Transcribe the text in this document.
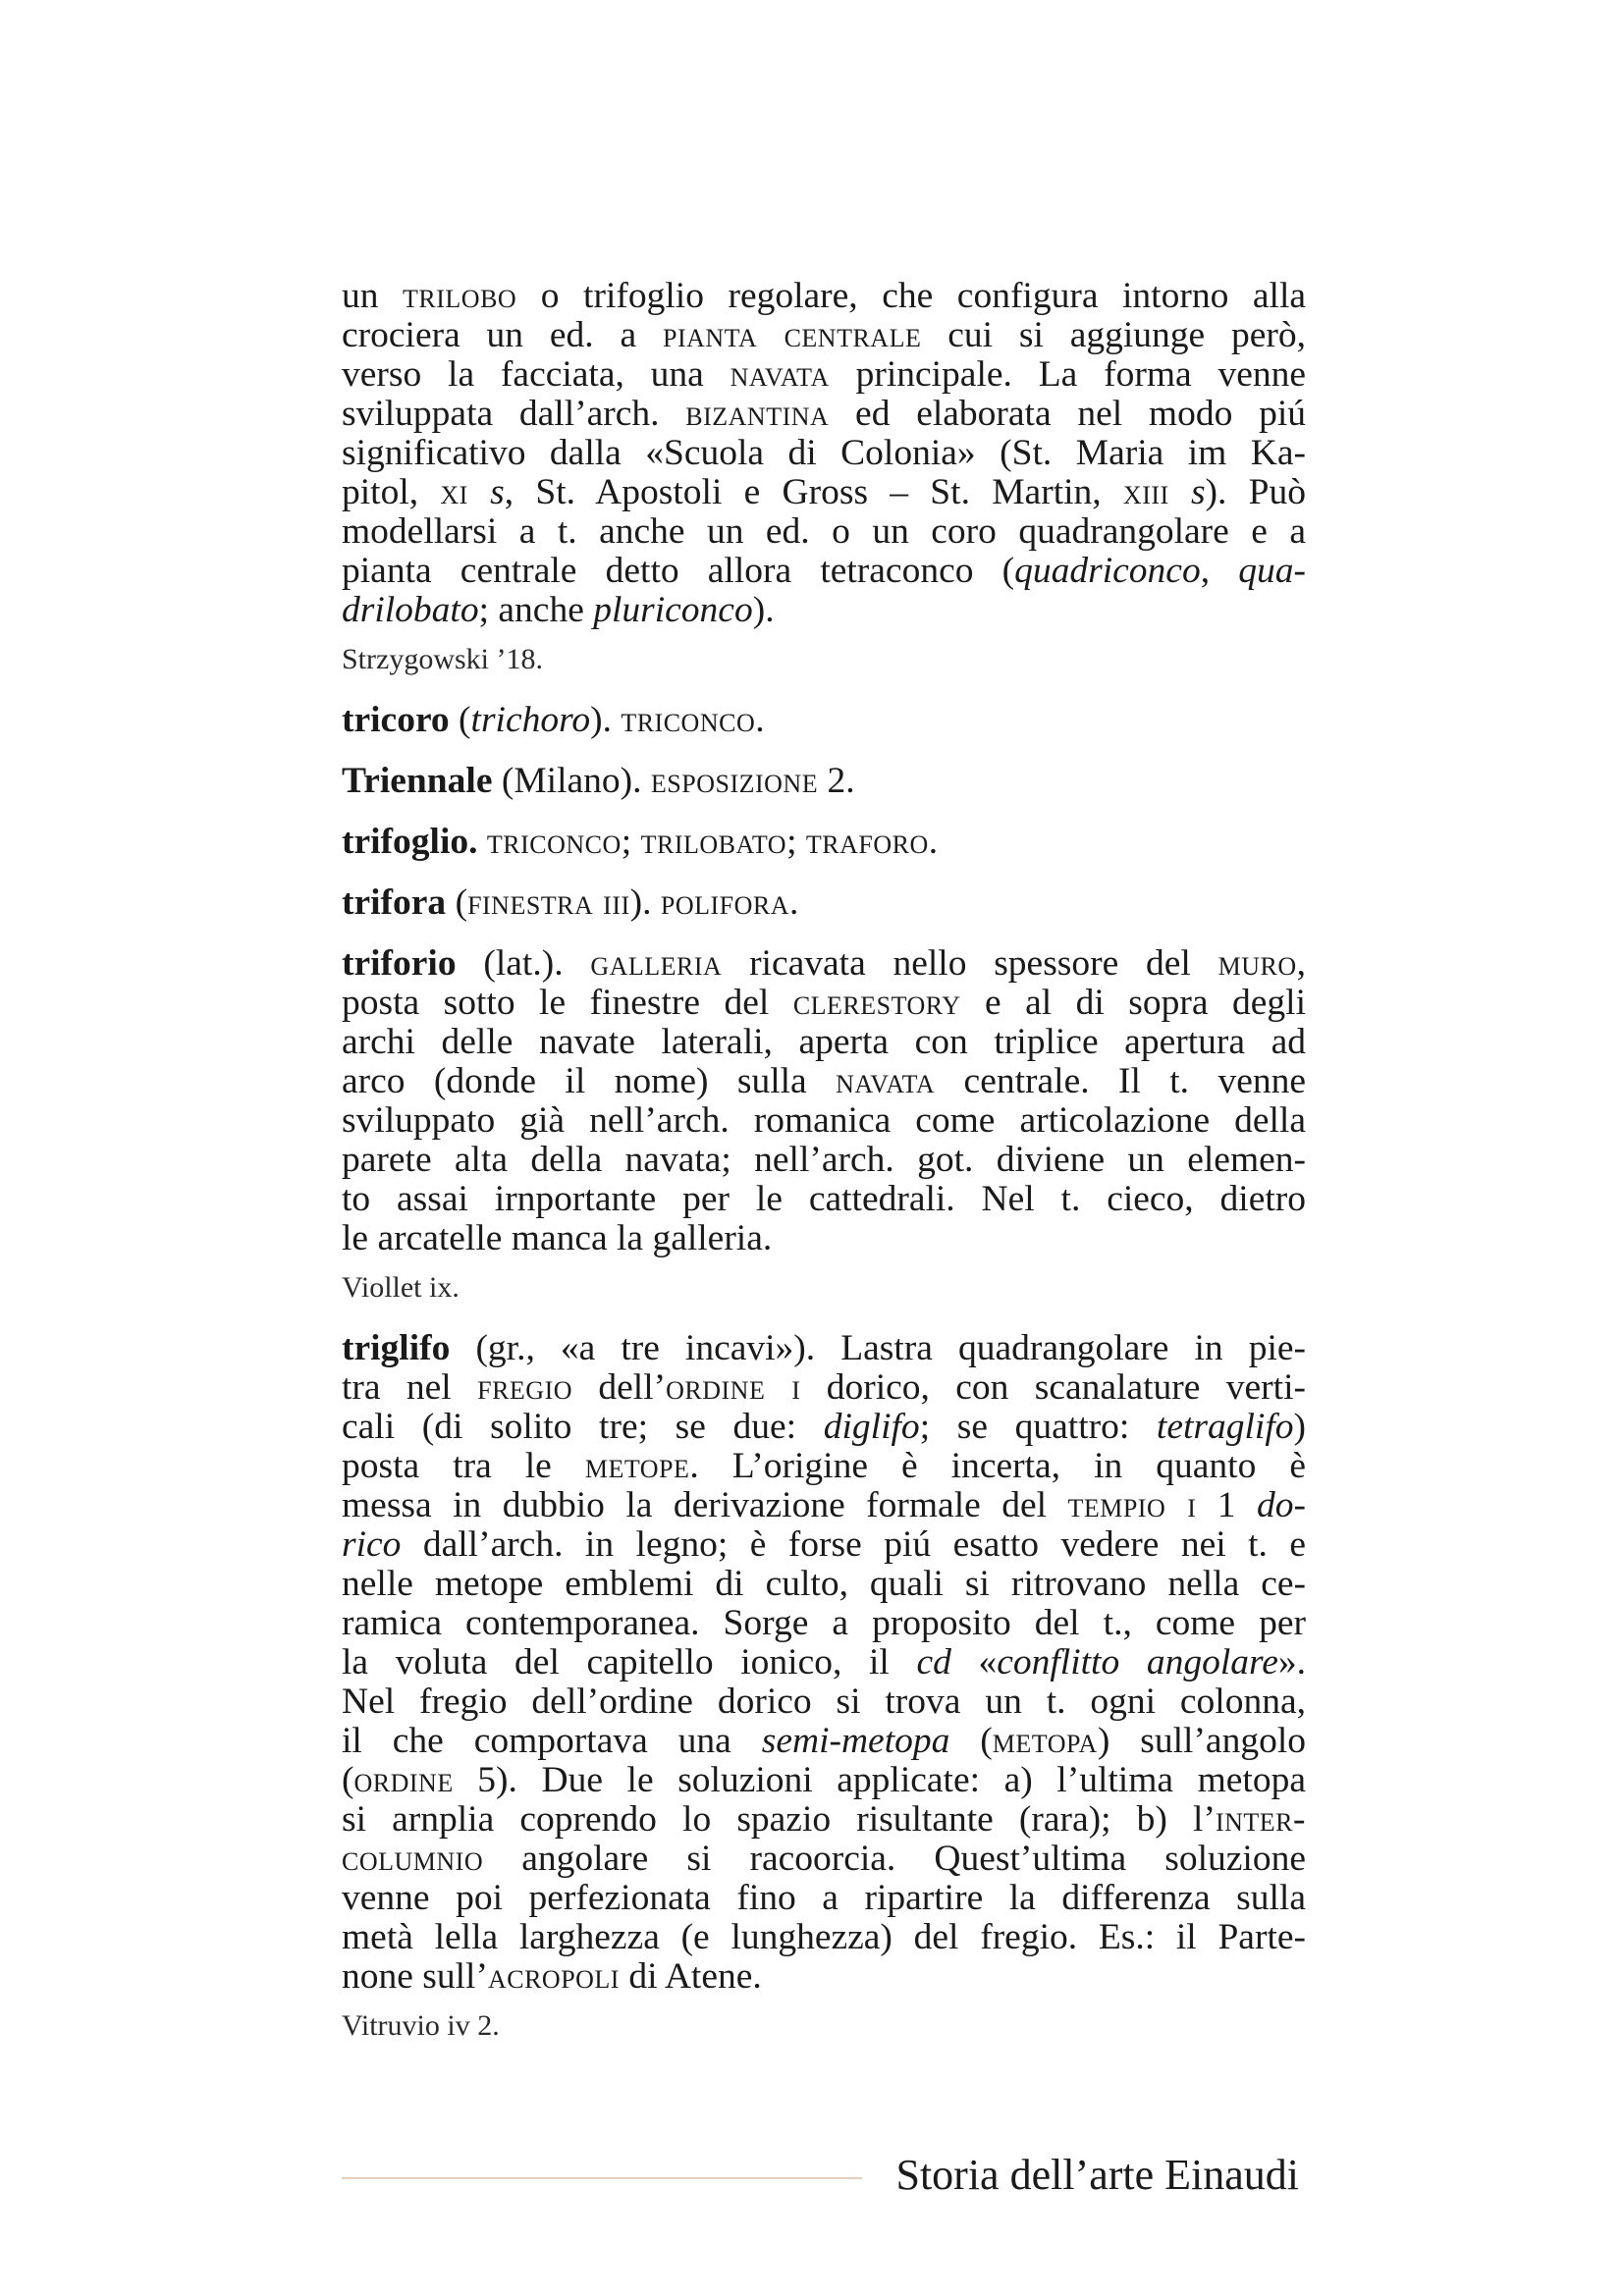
un trilobo o trifoglio regolare, che configura intorno alla
crociera un ed. a pianta centrale cui si aggiunge però,
verso la facciata, una navata principale. La forma venne
sviluppata dall’arch. bizantina ed elaborata nel modo piú
significativo dalla «Scuola di Colonia» (St. Maria im Ka-
pitol, xi s, St. Apostoli e Gross – St. Martin, xiii s). Può
modellarsi a t. anche un ed. o un coro quadrangolare e a
pianta centrale detto allora tetraconco (quadriconco, qua-
drilobato; anche pluriconco).
Strzygowski ’18.
tricoro (trichoro). triconco.
Triennale (Milano). esposizione 2.
trifoglio. triconco; trilobato; traforo.
trifora (finestra iii). polifora.
triforio (lat.). galleria ricavata nello spessore del muro,
posta sotto le finestre del clerestory e al di sopra degli
archi delle navate laterali, aperta con triplice apertura ad
arco (donde il nome) sulla navata centrale. Il t. venne
sviluppato già nell’arch. romanica come articolazione della
parete alta della navata; nell’arch. got. diviene un elemen-
to assai irnportante per le cattedrali. Nel t. cieco, dietro
le arcatelle manca la galleria.
Viollet ix.
triglifo (gr., «a tre incavi»). Lastra quadrangolare in pie-
tra nel fregio dell’ordine i dorico, con scanalature verti-
cali (di solito tre; se due: diglifo; se quattro: tetraglifo)
posta tra le metope. L’origine è incerta, in quanto è
messa in dubbio la derivazione formale del tempio i 1 do-
rico dall’arch. in legno; è forse piú esatto vedere nei t. e
nelle metope emblemi di culto, quali si ritrovano nella ce-
ramica contemporanea. Sorge a proposito del t., come per
la voluta del capitello ionico, il cd «conflitto angolare».
Nel fregio dell’ordine dorico si trova un t. ogni colonna,
il che comportava una semi-metopa (metopa) sull’angolo
(ordine 5). Due le soluzioni applicate: a) l’ultima metopa
si arnplia coprendo lo spazio risultante (rara); b) l’inter-
columnio angolare si racoorcia. Quest’ultima soluzione
venne poi perfezionata fino a ripartire la differenza sulla
metà lella larghezza (e lunghezza) del fregio. Es.: il Parte-
none sull’acropoli di Atene.
Vitruvio iv 2.
Storia dell’arte Einaudi
